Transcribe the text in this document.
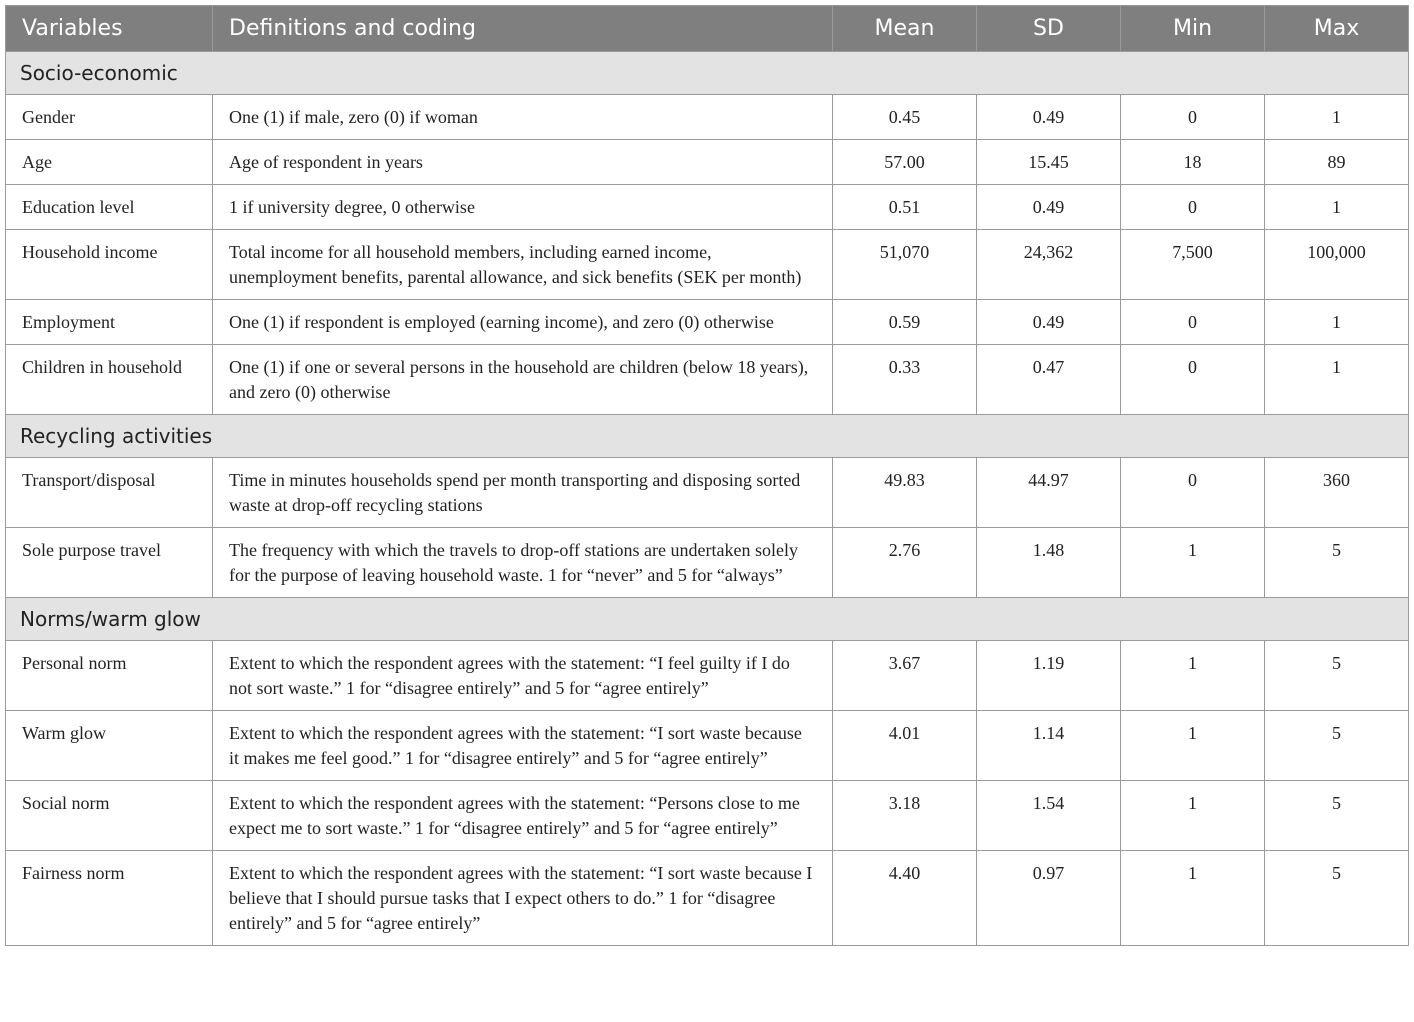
Variables	Definitions and coding	Mean	SD	Min	Max
Socio-economic					
Gender	One (1) if male, zero (0) if woman	0.45	0.49	0	1
Age	Age of respondent in years	57.00	15.45	18	89
Education level	1 if university degree, 0 otherwise	0.51	0.49	0	1
Household income	Total income for all household members, including earned income, unemployment benefits, parental allowance, and sick benefits (SEK per month)	51,070	24,362	7,500	100,000
Employment	One (1) if respondent is employed (earning income), and zero (0) otherwise	0.59	0.49	0	1
Children in household	One (1) if one or several persons in the household are children (below 18 years), and zero (0) otherwise	0.33	0.47	0	1
Recycling activities					
Transport/disposal	Time in minutes households spend per month transporting and disposing sorted waste at drop-off recycling stations	49.83	44.97	0	360
Sole purpose travel	The frequency with which the travels to drop-off stations are undertaken solely for the purpose of leaving household waste. 1 for “never” and 5 for “always”	2.76	1.48	1	5
Norms/warm glow					
Personal norm	Extent to which the respondent agrees with the statement: “I feel guilty if I do not sort waste.” 1 for “disagree entirely” and 5 for “agree entirely”	3.67	1.19	1	5
Warm glow	Extent to which the respondent agrees with the statement: “I sort waste because it makes me feel good.” 1 for “disagree entirely” and 5 for “agree entirely”	4.01	1.14	1	5
Social norm	Extent to which the respondent agrees with the statement: “Persons close to me expect me to sort waste.” 1 for “disagree entirely” and 5 for “agree entirely”	3.18	1.54	1	5
Fairness norm	Extent to which the respondent agrees with the statement: “I sort waste because I believe that I should pursue tasks that I expect others to do.” 1 for “disagree entirely” and 5 for “agree entirely”	4.40	0.97	1	5
